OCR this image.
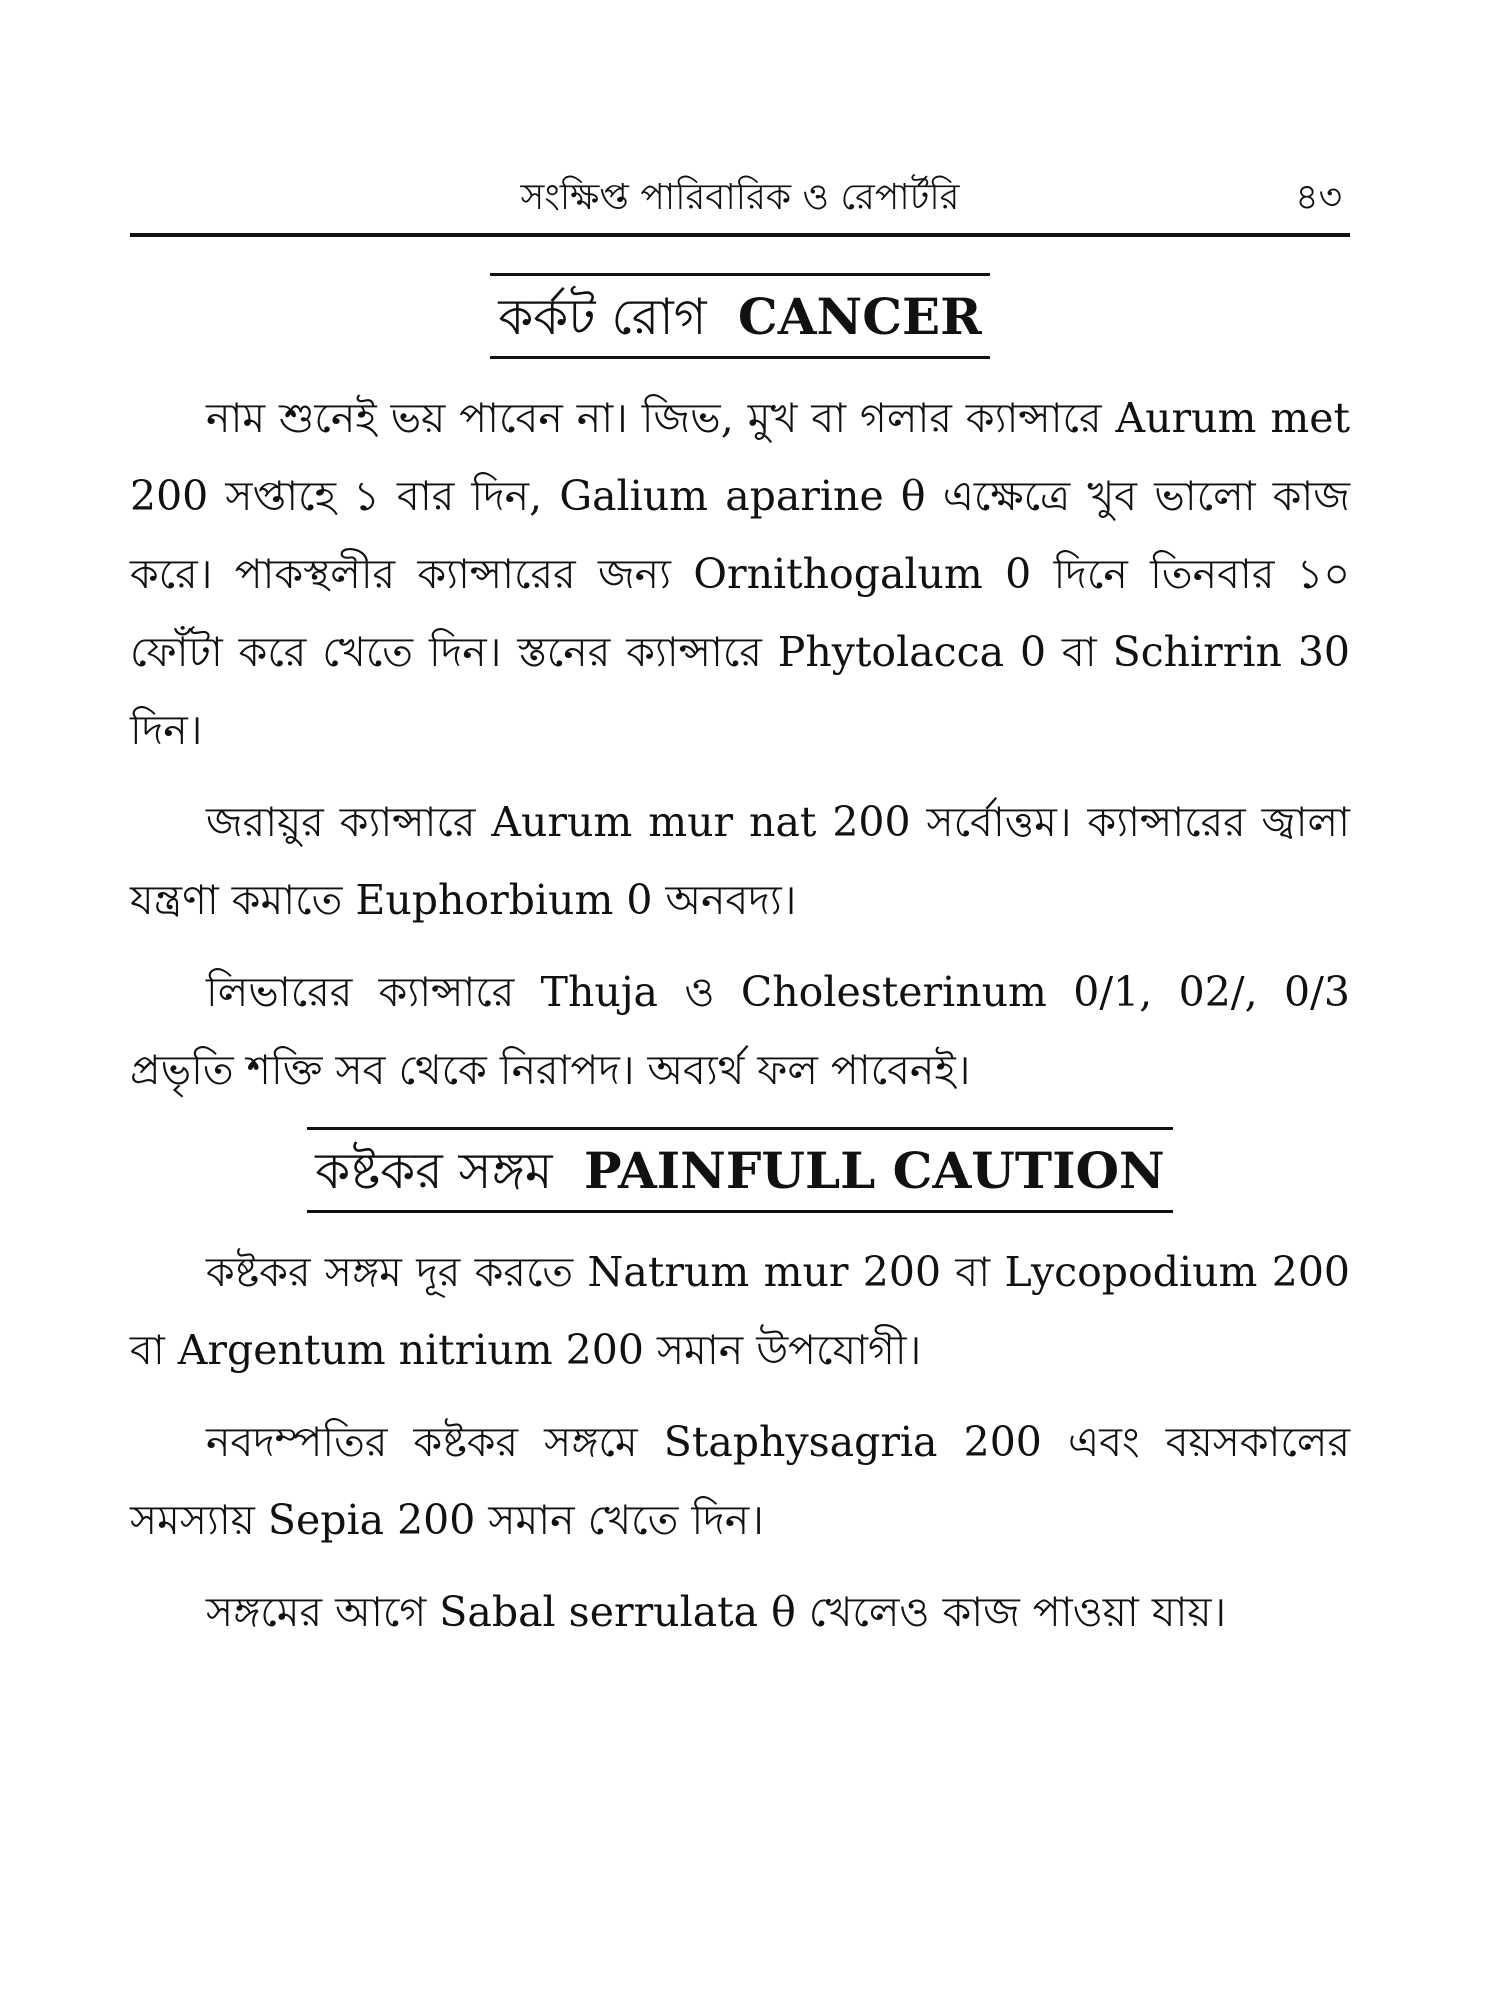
সংক্ষিপ্ত পারিবারিক ও রেপার্টরি	৪৩
কর্কট রোগ CANCER

নাম শুনেই ভয় পাবেন না। জিভ, মুখ বা গলার ক্যান্সারে Aurum met 200 সপ্তাহে ১ বার দিন, Galium aparine θ এক্ষেত্রে খুব ভালো কাজ করে। পাকস্থলীর ক্যান্সারের জন্য Ornithogalum 0 দিনে তিনবার ১০ ফোঁটা করে খেতে দিন। স্তনের ক্যান্সারে Phytolacca 0 বা Schirrin 30 দিন।

জরায়ুর ক্যান্সারে Aurum mur nat 200 সর্বোত্তম। ক্যান্সারের জ্বালা যন্ত্রণা কমাতে Euphorbium 0 অনবদ্য।

লিভারের ক্যান্সারে Thuja ও Cholesterinum 0/1, 02/, 0/3 প্রভৃতি শক্তি সব থেকে নিরাপদ। অব্যর্থ ফল পাবেনই।

কষ্টকর সঙ্গম PAINFULL CAUTION

কষ্টকর সঙ্গম দূর করতে Natrum mur 200 বা Lycopodium 200 বা Argentum nitrium 200 সমান উপযোগী।

নবদম্পতির কষ্টকর সঙ্গমে Staphysagria 200 এবং বয়সকালের সমস্যায় Sepia 200 সমান খেতে দিন।

সঙ্গমের আগে Sabal serrulata θ খেলেও কাজ পাওয়া যায়।
